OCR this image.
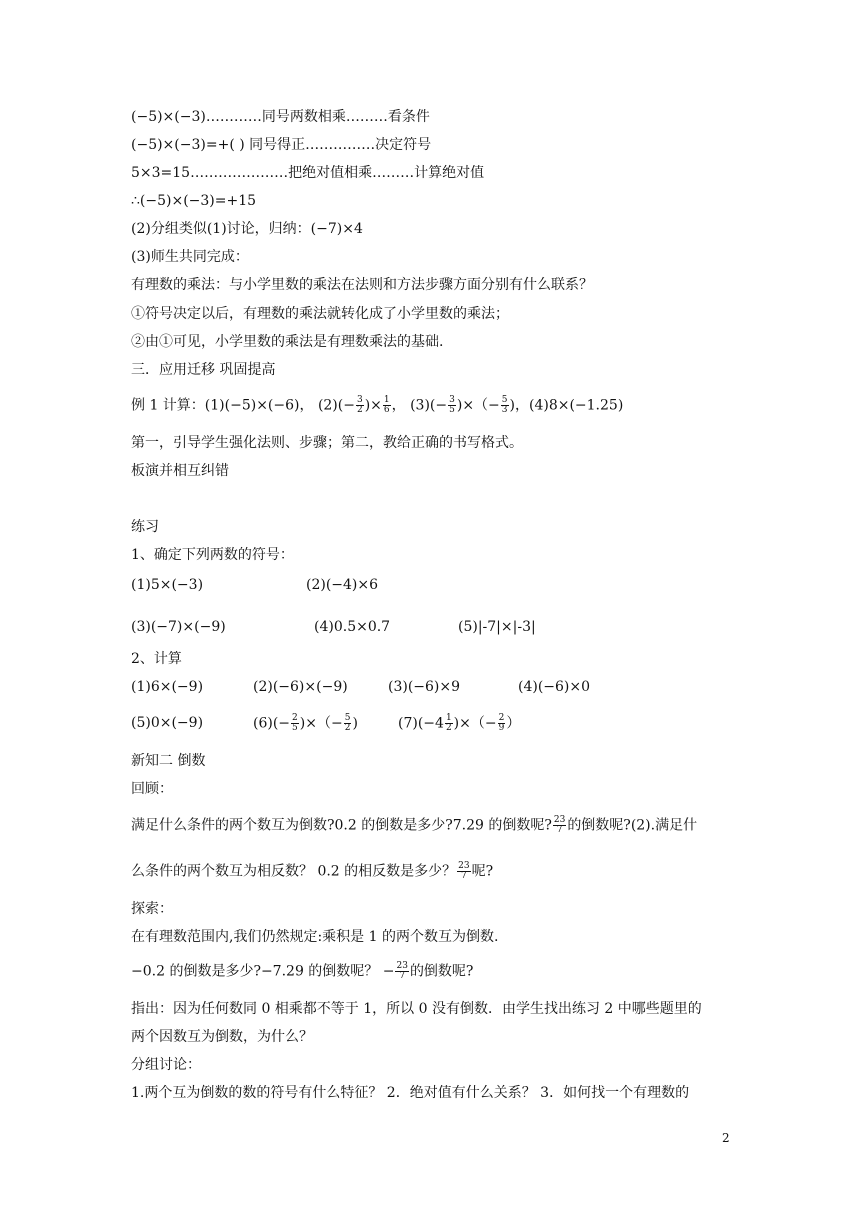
(−5)×(−3)…………同号两数相乘………看条件
(−5)×(−3)=+( ) 同号得正……………决定符号
5×3=15…………………把绝对值相乘………计算绝对值
∴(−5)×(−3)=+15
(2)分组类似(1)讨论，归纳：(−7)×4
(3)师生共同完成：
有理数的乘法：与小学里数的乘法在法则和方法步骤方面分别有什么联系？
①符号决定以后，有理数的乘法就转化成了小学里数的乘法；
②由①可见，小学里数的乘法是有理数乘法的基础.
三．应用迁移 巩固提高
例 1 计算：(1)(−5)×(−6)， $(2)(- \frac{3}{2}$ )× $\frac{1}{6}$ ， $(3)(- \frac{3}{5}$ )×（− $\frac{5}{3}$ )，(4)8×(−1.25)
第一，引导学生强化法则、步骤；第二，教给正确的书写格式。
板演并相互纠错
练习
1、确定下列两数的符号：
(1)5×(−3)	(2)(−4)×6
(3)(−7)×(−9)	(4)0.5×0.7	(5)|-7|×|-3|
2、计算
(1)6×(−9)	(2)(−6)×(−9)	(3)(−6)×9	(4)(−6)×0
(5)0×(−9)	$(6)(- \frac{2}{5}$ )×（− $\frac{5}{2}$ )	$(7)(-4 \frac{1}{2}$ )×（− $\frac{2}{9}$ ）
新知二 倒数
回顾：
满足什么条件的两个数互为倒数?0.2 的倒数是多少?7.29 的倒数呢? $\frac{23}{7}$ 的倒数呢?(2).满足什
么条件的两个数互为相反数？ 0.2 的相反数是多少？ $\frac{23}{7}$ 呢?
探索：
在有理数范围内,我们仍然规定:乘积是 1 的两个数互为倒数.
−0.2 的倒数是多少?−7.29 的倒数呢？ − $\frac{23}{7}$ 的倒数呢?
指出：因为任何数同 0 相乘都不等于 1，所以 0 没有倒数．由学生找出练习 2 中哪些题里的
两个因数互为倒数，为什么？
分组讨论：
1.两个互为倒数的数的符号有什么特征？ 2．绝对值有什么关系？ 3．如何找一个有理数的
2
